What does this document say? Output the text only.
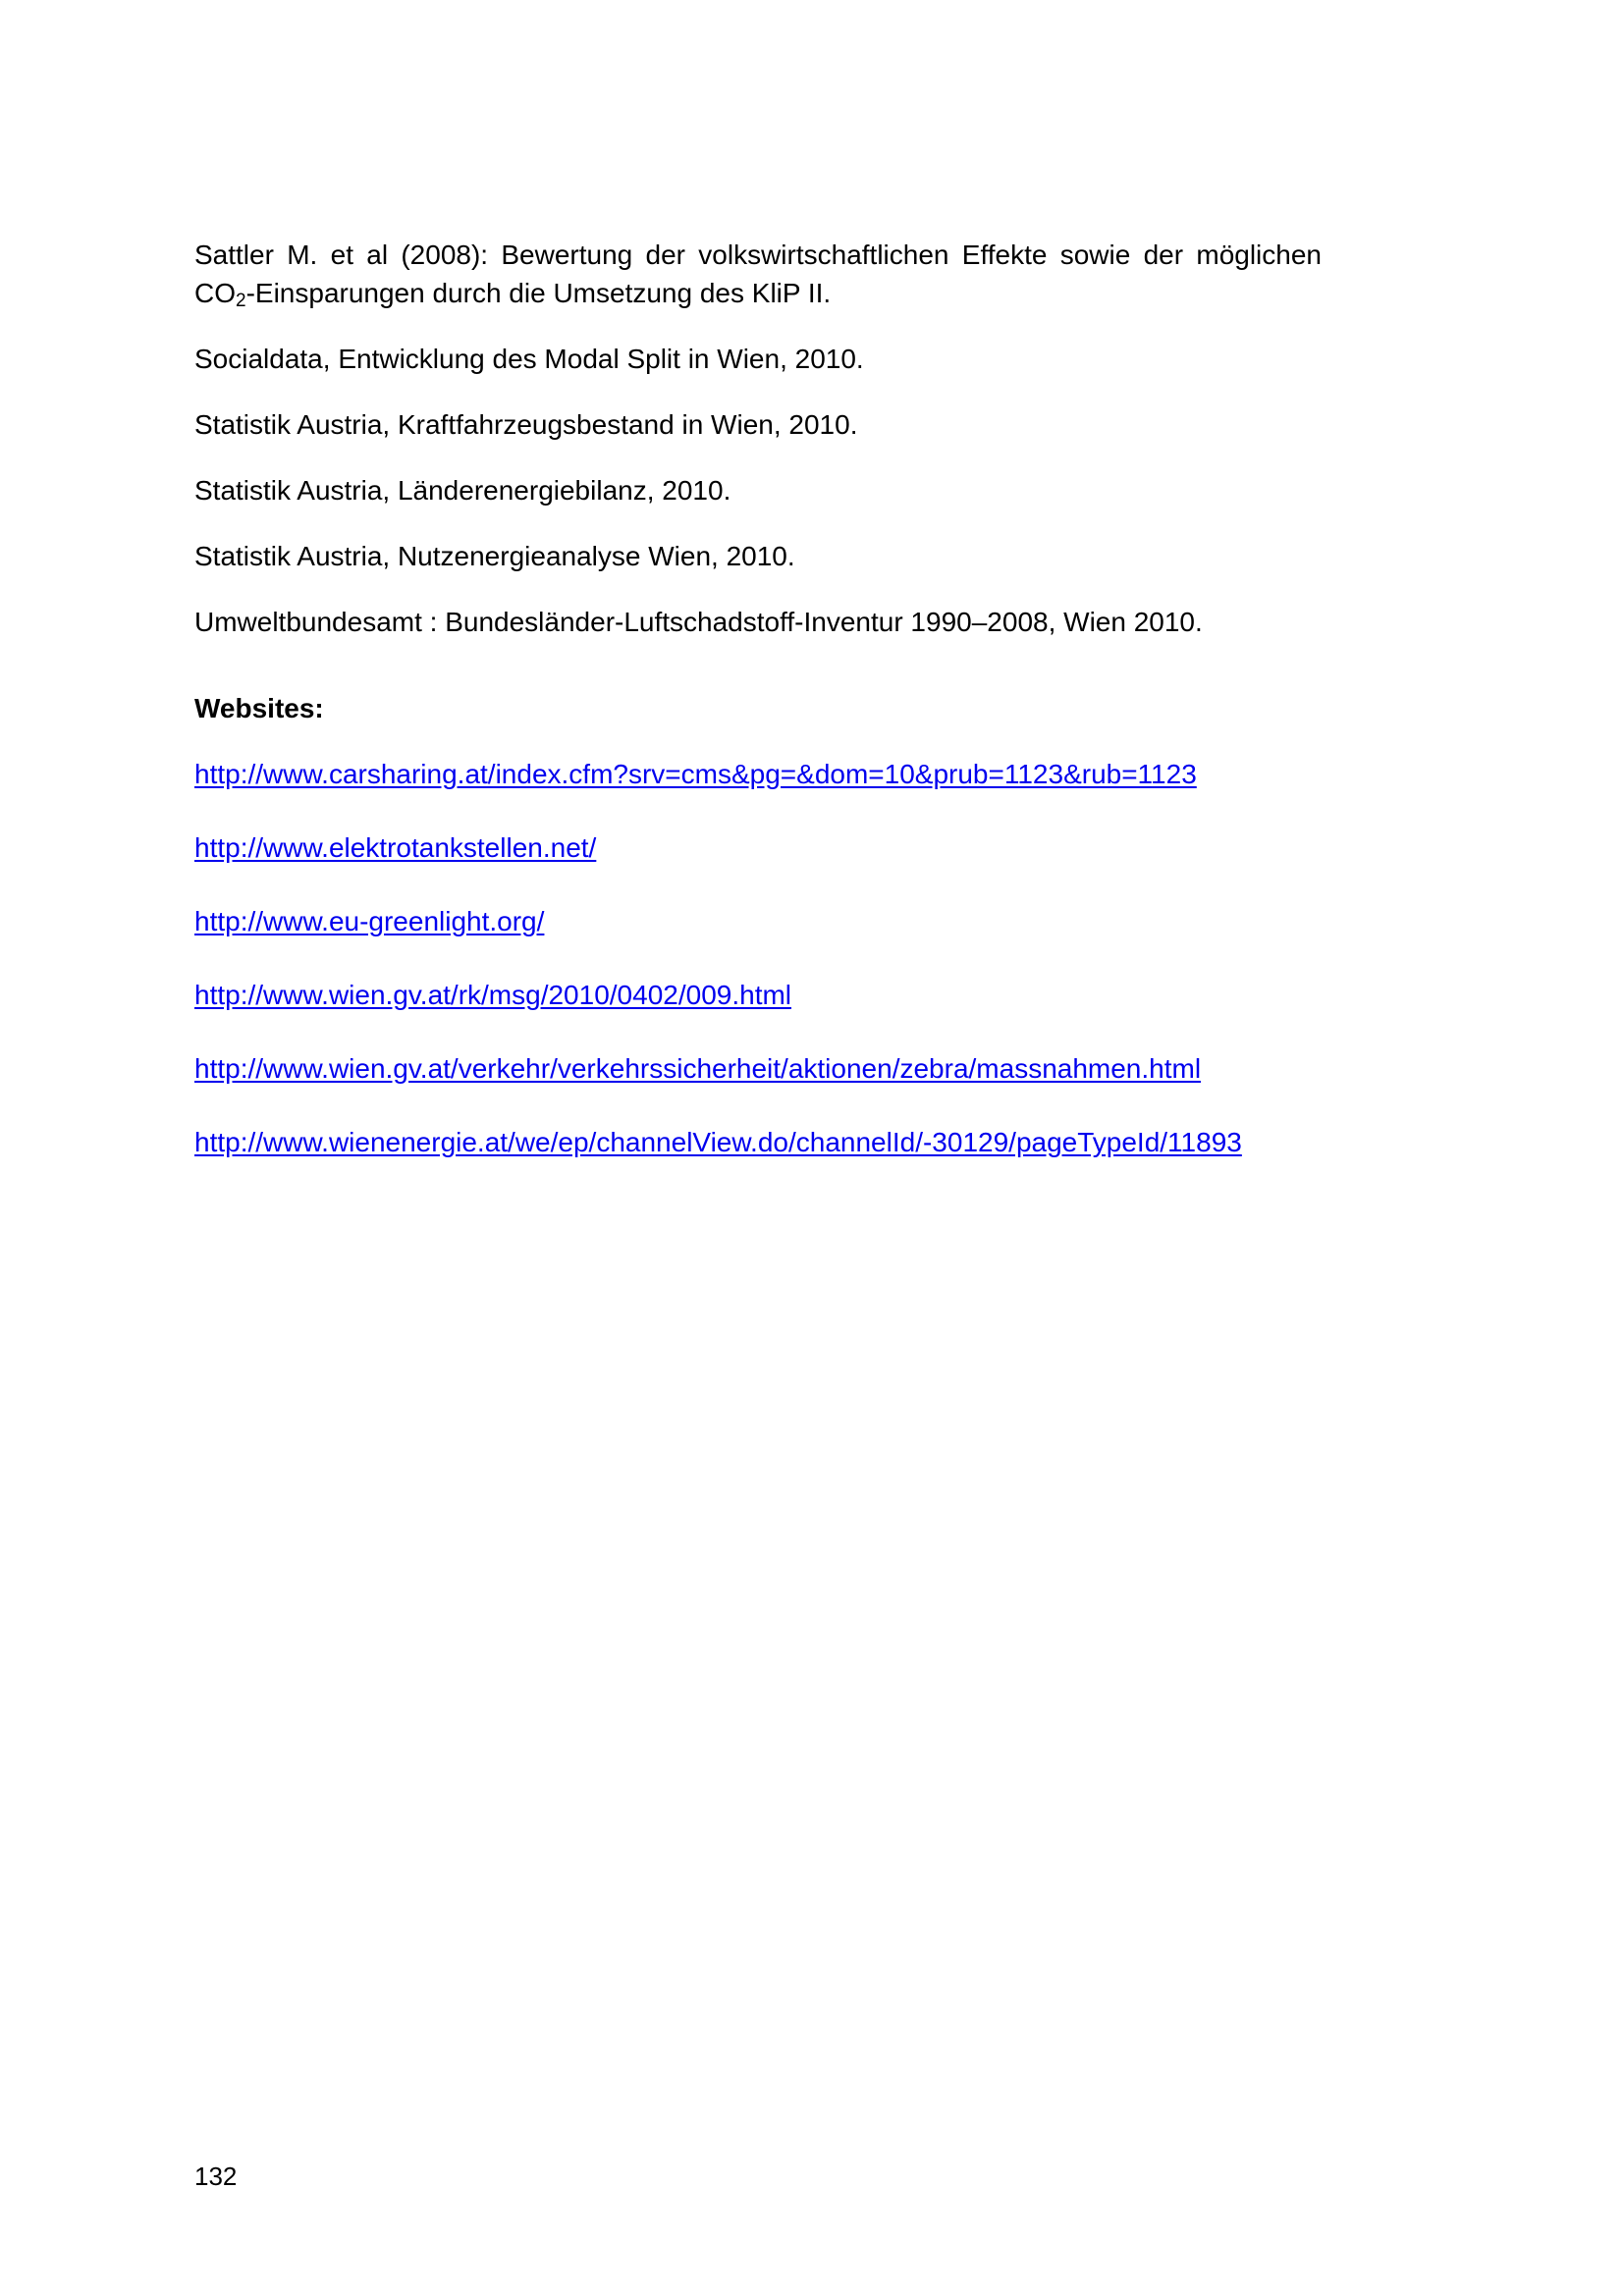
Sattler M. et al (2008): Bewertung der volkswirtschaftlichen Effekte sowie der möglichen $CO_2$-Einsparungen durch die Umsetzung des KliP II.

Socialdata, Entwicklung des Modal Split in Wien, 2010.

Statistik Austria, Kraftfahrzeugsbestand in Wien, 2010.

Statistik Austria, Länderenergiebilanz, 2010.

Statistik Austria, Nutzenergieanalyse Wien, 2010.

Umweltbundesamt : Bundesländer-Luftschadstoff-Inventur 1990–2008, Wien 2010.

Websites:
http://www.carsharing.at/index.cfm?srv=cms&pg=&dom=10&prub=1123&rub=1123
http://www.elektrotankstellen.net/
http://www.eu-greenlight.org/
http://www.wien.gv.at/rk/msg/2010/0402/009.html
http://www.wien.gv.at/verkehr/verkehrssicherheit/aktionen/zebra/massnahmen.html
http://www.wienenergie.at/we/ep/channelView.do/channelId/-30129/pageTypeId/11893
132
